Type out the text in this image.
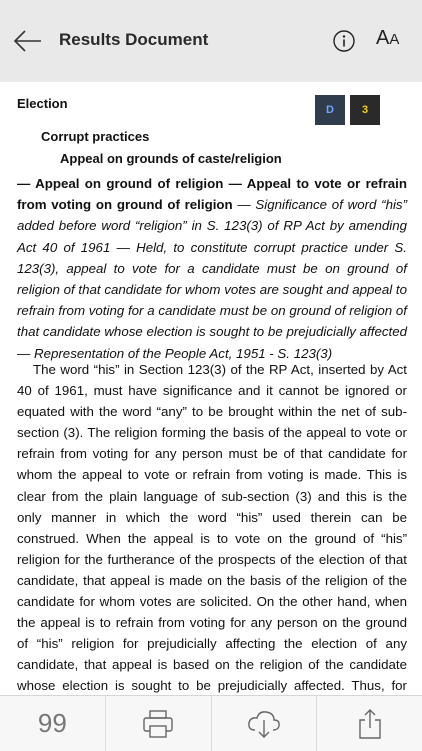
Results Document	AA
Election	D	3
Corrupt practices
Appeal on grounds of caste/religion
— Appeal on ground of religion — Appeal to vote or refrain from voting on ground of religion — Significance of word “his” added before word “religion” in S. 123(3) of RP Act by amending Act 40 of 1961 — Held, to constitute corrupt practice under S. 123(3), appeal to vote for a candidate must be on ground of religion of that candidate for whom votes are sought and appeal to refrain from voting for a candidate must be on ground of religion of that candidate whose election is sought to be prejudicially affected — Representation of the People Act, 1951 - S. 123(3)

The word “his” in Section 123(3) of the RP Act, inserted by Act 40 of 1961, must have significance and it cannot be ignored or equated with the word “any” to be brought within the net of sub-section (3). The religion forming the basis of the appeal to vote or refrain from voting for any person must be of that candidate for whom the appeal to vote or refrain from voting is made. This is clear from the plain language of sub-section (3) and this is the only manner in which the word “his” used therein can be construed. When the appeal is to vote on the ground of “his” religion for the furtherance of the prospects of the election of that candidate, that appeal is made on the basis of the religion of the candidate for whom votes are solicited. On the other hand, when the appeal is to refrain from voting for any person on the ground of “his” religion for prejudicially affecting the election of any candidate, that appeal is based on the religion of the candidate whose election is sought to be prejudicially affected. Thus, for

99
